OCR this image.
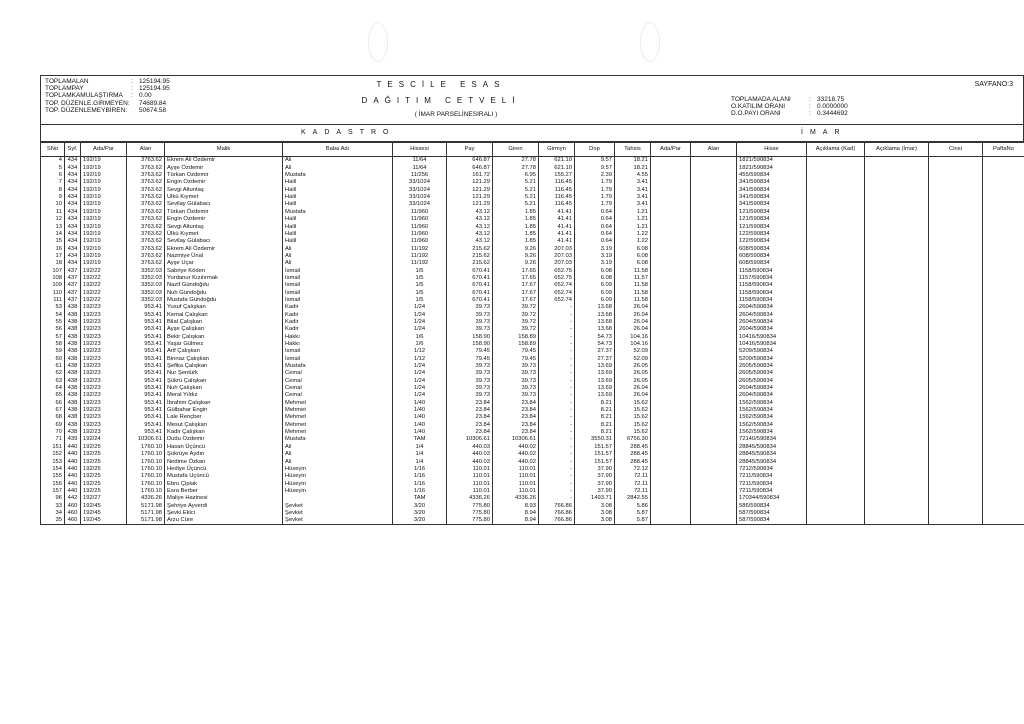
TOPLAMALAN	: 125194.95
TOPLAMPAY	: 125194.95
TOPLAMKAMULAŞTIRMA	: 0.00
TOP. DÜZENLE.GİRMEYEN: 74689.84
TOP. DÜZENLEMEYBİREN:	50674.58
TESCİLE ESAS
DAĞITIM CETVELİ
( İMAR PARSELİNESIRALI )
SAYFANO:3
TOPLAMADA ALANI	: 33218.75
O.KATILIM ORANI	: 0.0000000
D.O.PAYI ORANI	: 0.3444692
KADASTRO	İMAR
SNo	Syf.	Ada/Par	Alan	Malik	Baba Adı	Hissesi	Pay	Giren	Girmyn	Dop	Tahsis	Ada/Par	Alan	Hisse	Açıklama (Kad)	Açıklama (İmar)	Cinsi	PaftaNo
4	434	192/19	3763.62	Ekrem Ali Özdemir	Ali	11/64	646.87	27.78	621.10	9.57	18.21			1821/590834				
5	434	192/19	3763.62	Ayşe Özdemir	Ali	11/64	646.87	27.78	621.10	9.57	18.21			1821/590834				
6	434	192/19	3763.62	Türkan Özdemir	Mustafa	11/256	161.72	6.95	155.27	2.39	4.55			455/590834				
7	434	192/19	3763.62	Engin Özdemir	Halil	33/1024	121.29	5.21	116.45	1.79	3.41			341/590834				
8	434	192/19	3763.62	Sevgi Altuntaş	Halil	33/1024	121.29	5.21	116.45	1.79	3.41			341/590834				
9	434	192/19	3763.62	Ülkü Kıymet	Halil	33/1024	121.29	5.21	116.45	1.79	3.41			341/590834				
10	434	192/19	3763.62	Sevilay Gülabacı	Halil	33/1024	121.29	5.21	116.45	1.79	3.41			341/590834				
11	434	192/19	3763.62	Türkan Özdemir	Mustafa	11/960	43.12	1.85	41.41	0.64	1.21			121/590834				
12	434	192/19	3763.62	Engin Özdemir	Halil	11/960	43.12	1.85	41.41	0.64	1.21			121/590834				
13	434	192/19	3763.62	Sevgi Altuntaş	Halil	11/960	43.12	1.85	41.41	0.64	1.21			121/590834				
14	434	192/19	3763.62	Ülkü Kıymet	Halil	11/960	43.12	1.85	41.41	0.64	1.22			122/590834				
15	434	192/19	3763.62	Sevilay Gülabacı	Halil	11/960	43.12	1.85	41.41	0.64	1.22			122/590834				
16	434	192/19	3763.62	Ekrem Ali Özdemir	Ali	11/192	215.62	9.26	207.03	3.19	6.08			608/590834				
17	434	192/19	3763.62	Nazmiye Ünal	Ali	11/192	215.62	9.26	207.03	3.19	6.08			608/590834				
18	434	192/19	3763.62	Ayşe Uçar	Ali	11/192	215.62	9.26	207.03	3.19	6.08			608/590834				
107	437	192/22	3352.03	Sabriye Köden	İsmail	1/5	670.41	17.65	652.75	6.08	11.58			1158/590834				
108	437	192/22	3352.03	Yurdanur Kızılırmak	İsmail	1/5	670.41	17.65	652.75	6.08	11.57			1157/590834				
109	437	192/22	3352.03	Nazif Gündoğdu	İsmail	1/5	670.41	17.67	652.74	6.09	11.58			1158/590834				
110	437	192/22	3352.03	Nuh Gündoğdu	İsmail	1/5	670.41	17.67	652.74	6.09	11.58			1158/590834				
111	437	192/22	3352.03	Mustafa Gündoğdu	İsmail	1/5	670.41	17.67	652.74	6.09	11.58			1158/590834				
53	438	192/23	953.41	Yusuf Çalışkan	Kadir	1/24	39.73	39.72	-	13.68	26.04			2604/590834				
54	438	192/23	953.41	Kemal Çalışkan	Kadir	1/24	39.73	39.72	-	13.68	26.04			2604/590834				
55	438	192/23	953.41	Bilal Çalışkan	Kadir	1/24	39.73	39.72	-	13.68	26.04			2604/590834				
56	438	192/23	953.41	Ayşe Çalışkan	Kadir	1/24	39.73	39.72	-	13.68	26.04			2604/590834				
57	438	192/23	953.41	Bekir Çalışkan	Hakkı	1/6	158.90	158.89	-	54.73	104.16			10416/590834				
58	438	192/23	953.41	Yaşar Gülmez	Hakkı	1/6	158.90	158.89	-	54.73	104.16			10416/590834				
59	438	192/23	953.41	Arif Çalışkan	İsmail	1/12	79.45	79.45	-	27.37	52.09			5209/590834				
60	438	192/23	953.41	Binnaz Çalışkan	İsmail	1/12	79.45	79.45	-	27.37	52.09			5209/590834				
61	438	192/23	953.41	Şefika Çalışkan	Mustafa	1/24	39.73	39.73	-	13.69	26.05			2605/590834				
62	438	192/23	953.41	Nur Şentürk	Cemal	1/24	39.73	39.73	-	13.69	26.05			2605/590834				
63	438	192/23	953.41	Şükrü Çalışkan	Cemal	1/24	39.73	39.73	-	13.69	26.05			2605/590834				
64	438	192/23	953.41	Nuh Çalışkan	Cemal	1/24	39.73	39.73	-	13.69	26.04			2604/590834				
65	438	192/23	953.41	Meral Yıldız	Cemal	1/24	39.73	39.73	-	13.69	26.04			2604/590834				
66	438	192/23	953.41	İbrahim Çalışkan	Mehmet	1/40	23.84	23.84	-	8.21	15.62			1562/590834				
67	438	192/23	953.41	Gülbahar Engin	Mehmet	1/40	23.84	23.84	-	8.21	15.62			1562/590834				
68	438	192/23	953.41	Lale Rençber	Mehmet	1/40	23.84	23.84	-	8.21	15.62			1562/590834				
69	438	192/23	953.41	Mesut Çalışkan	Mehmet	1/40	23.84	23.84	-	8.21	15.62			1562/590834				
70	438	192/23	953.41	Kadir Çalışkan	Mehmet	1/40	23.84	23.84	-	8.21	15.62			1562/590834				
71	439	192/24	10306.61	Dudu Özdemir	Mustafa	TAM	10306.61	10306.61	-	3550.31	6756.30			72140/590834				
151	440	192/25	1760.10	Hasan Üçüncü	Ali	1/4	440.03	440.02	-	151.57	288.45			28845/590834				
152	440	192/25	1760.10	Şükrüye Aydın	Ali	1/4	440.03	440.02	-	151.57	288.45			28845/590834				
153	440	192/25	1760.10	Nedime Özkan	Ali	1/4	440.03	440.02	-	151.57	288.45			28845/590834				
154	440	192/25	1760.10	Hediye Üçüncü	Hüseyin	1/16	110.01	110.01	-	37.90	72.12			7212/590834				
155	440	192/25	1760.10	Mustafa Üçüncü	Hüseyin	1/16	110.01	110.01	-	37.90	72.11			7211/590834				
156	440	192/25	1760.10	Ebru Çiplak	Hüseyin	1/16	110.01	110.01	-	37.90	72.11			7211/590834				
157	440	192/25	1760.10	Esra Berber	Hüseyin	1/16	110.01	110.01	-	37.90	72.11			7211/590834				
96	442	192/27	4336.26	Maliye Hazinesi		TAM	4336.26	4336.26	-	1493.71	2842.55			170344/590834				
33	460	192/45	5171.98	Şehriye Ayverdi	Şevket	3/20	775.80	8.93	766.86	3.08	5.86			586/590834				
34	460	192/45	5171.98	Şevki Ekici	Şevket	3/20	775.80	8.94	766.86	3.08	5.87			587/590834				
35	460	192/45	5171.98	Arzu Cüre	Şevket	3/20	775.80	8.94	766.86	3.08	5.87			587/590834				
